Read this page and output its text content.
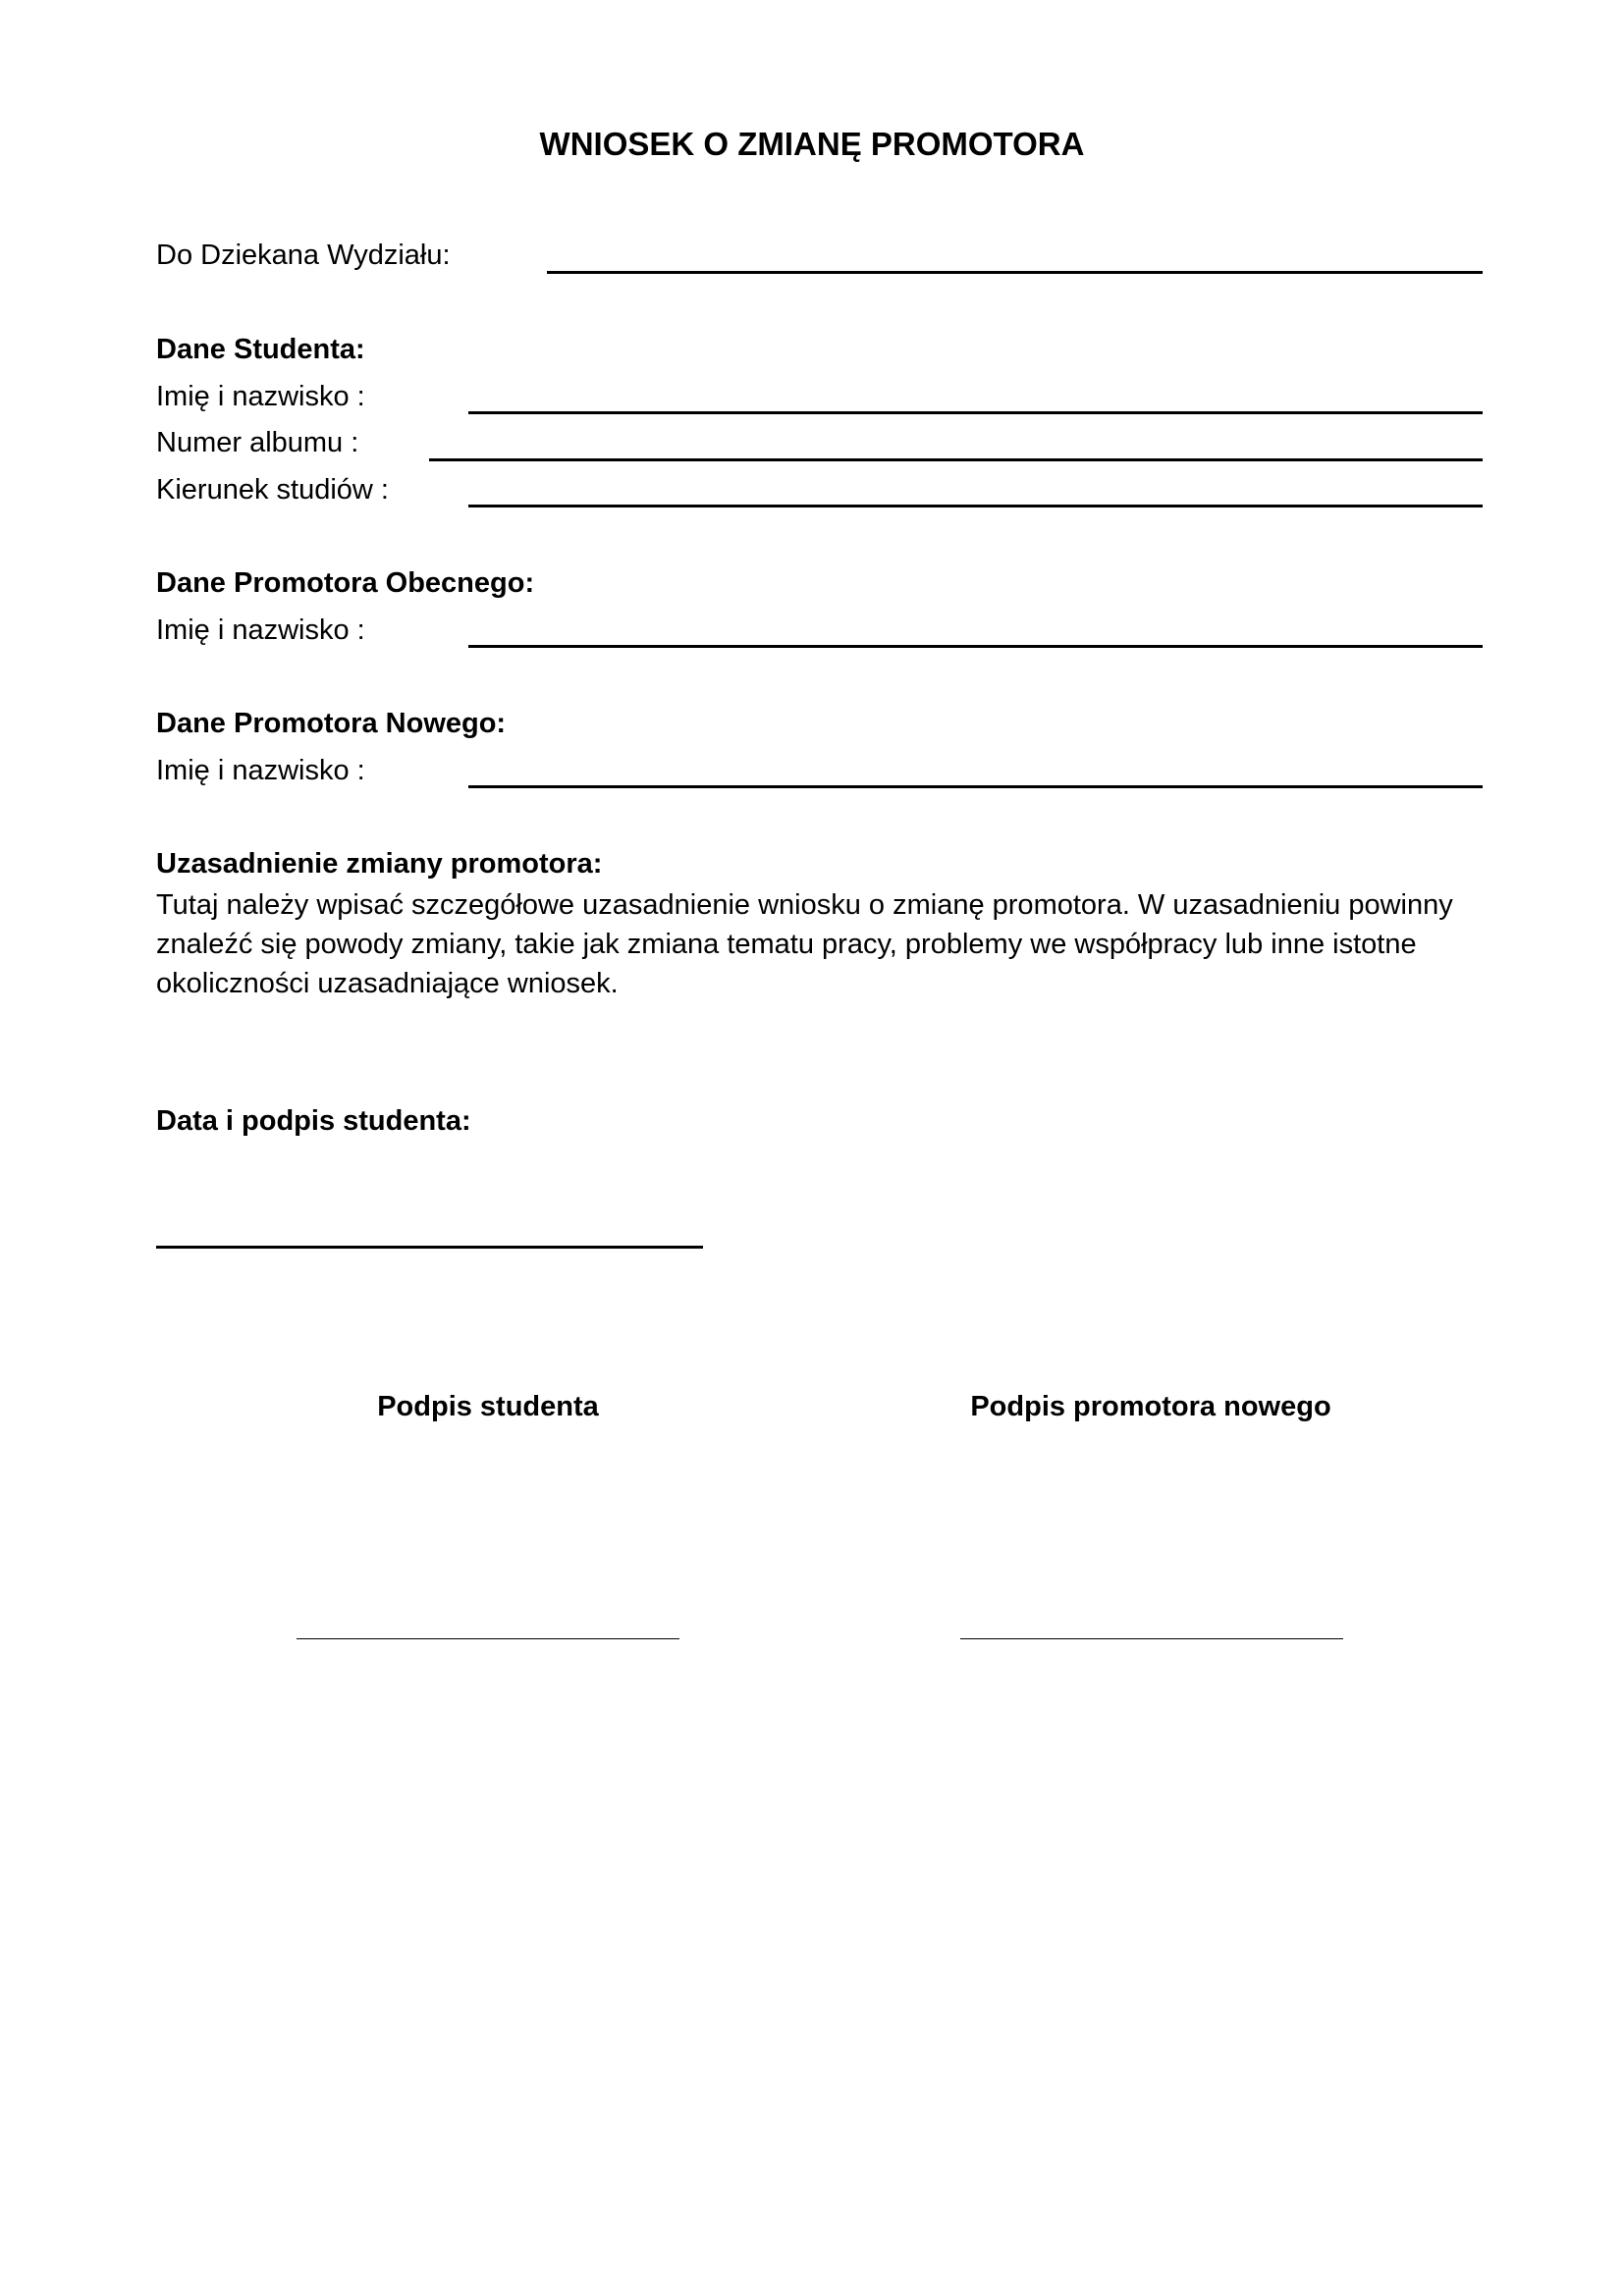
WNIOSEK O ZMIANĘ PROMOTORA
Do Dziekana Wydziału:
Dane Studenta:
Imię i nazwisko :
Numer albumu :
Kierunek studiów :
Dane Promotora Obecnego:
Imię i nazwisko :
Dane Promotora Nowego:
Imię i nazwisko :
Uzasadnienie zmiany promotora:
Tutaj należy wpisać szczegółowe uzasadnienie wniosku o zmianę promotora. W uzasadnieniu powinny znaleźć się powody zmiany, takie jak zmiana tematu pracy, problemy we współpracy lub inne istotne okoliczności uzasadniające wniosek.
Data i podpis studenta:
Podpis studenta	Podpis promotora nowego
